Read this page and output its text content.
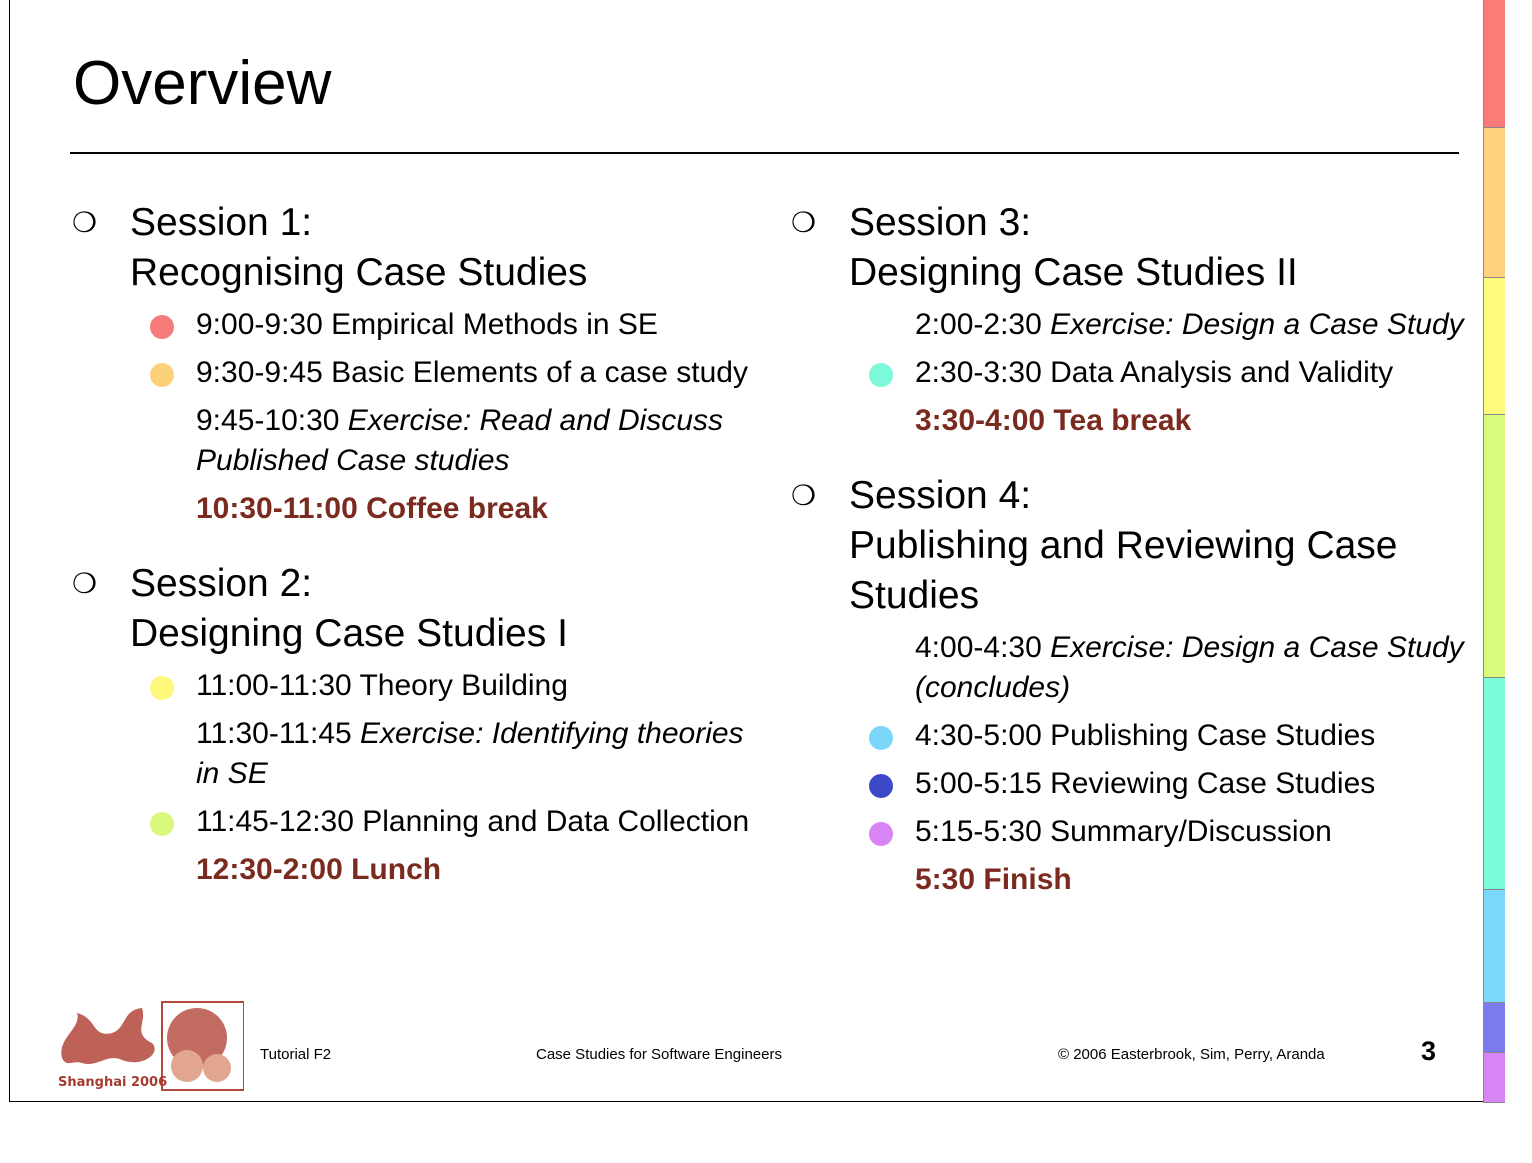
Overview
❍ Session 1:
Recognising Case Studies
9:00-9:30 Empirical Methods in SE
9:30-9:45 Basic Elements of a case study
9:45-10:30 Exercise: Read and Discuss Published Case studies
10:30-11:00 Coffee break
❍ Session 2:
Designing Case Studies I
11:00-11:30 Theory Building
11:30-11:45 Exercise: Identifying theories in SE
11:45-12:30 Planning and Data Collection
12:30-2:00 Lunch
❍ Session 3:
Designing Case Studies II
2:00-2:30 Exercise: Design a Case Study
2:30-3:30 Data Analysis and Validity
3:30-4:00 Tea break
❍ Session 4:
Publishing and Reviewing Case
Studies
4:00-4:30 Exercise: Design a Case Study (concludes)
4:30-5:00 Publishing Case Studies
5:00-5:15 Reviewing Case Studies
5:15-5:30 Summary/Discussion
5:30 Finish
Shanghai 2006
Tutorial F2	Case Studies for Software Engineers	© 2006 Easterbrook, Sim, Perry, Aranda	3
